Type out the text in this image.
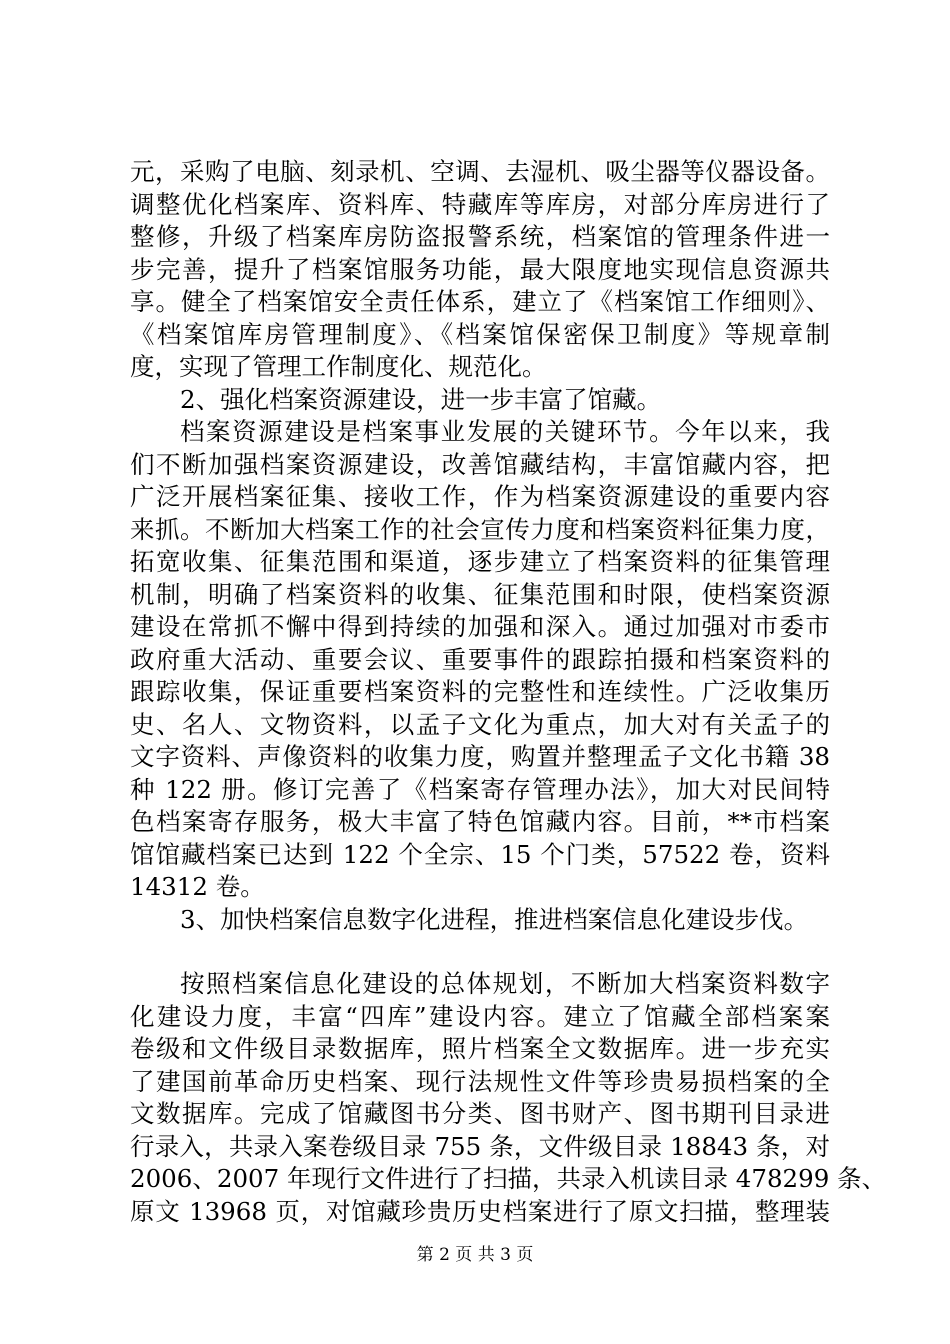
元，采购了电脑、刻录机、空调、去湿机、吸尘器等仪器设备。
调整优化档案库、资料库、特藏库等库房，对部分库房进行了
整修，升级了档案库房防盗报警系统，档案馆的管理条件进一
步完善，提升了档案馆服务功能，最大限度地实现信息资源共
享。健全了档案馆安全责任体系，建立了《档案馆工作细则》、
《档案馆库房管理制度》、《档案馆保密保卫制度》等规章制
度，实现了管理工作制度化、规范化。
2、强化档案资源建设，进一步丰富了馆藏。
档案资源建设是档案事业发展的关键环节。今年以来，我
们不断加强档案资源建设，改善馆藏结构，丰富馆藏内容，把
广泛开展档案征集、接收工作，作为档案资源建设的重要内容
来抓。不断加大档案工作的社会宣传力度和档案资料征集力度，
拓宽收集、征集范围和渠道，逐步建立了档案资料的征集管理
机制，明确了档案资料的收集、征集范围和时限，使档案资源
建设在常抓不懈中得到持续的加强和深入。通过加强对市委市
政府重大活动、重要会议、重要事件的跟踪拍摄和档案资料的
跟踪收集，保证重要档案资料的完整性和连续性。广泛收集历
史、名人、文物资料，以孟子文化为重点，加大对有关孟子的
文字资料、声像资料的收集力度，购置并整理孟子文化书籍 38
种 122 册。修订完善了《档案寄存管理办法》，加大对民间特
色档案寄存服务，极大丰富了特色馆藏内容。目前，**市档案
馆馆藏档案已达到 122 个全宗、15 个门类，57522 卷，资料
14312 卷。
3、加快档案信息数字化进程，推进档案信息化建设步伐。
按照档案信息化建设的总体规划，不断加大档案资料数字
化建设力度，丰富“四库”建设内容。建立了馆藏全部档案案
卷级和文件级目录数据库，照片档案全文数据库。进一步充实
了建国前革命历史档案、现行法规性文件等珍贵易损档案的全
文数据库。完成了馆藏图书分类、图书财产、图书期刊目录进
行录入，共录入案卷级目录 755 条，文件级目录 18843 条，对
2006、2007 年现行文件进行了扫描，共录入机读目录 478299 条、
原文 13968 页，对馆藏珍贵历史档案进行了原文扫描，整理装
第 2 页 共 3 页
